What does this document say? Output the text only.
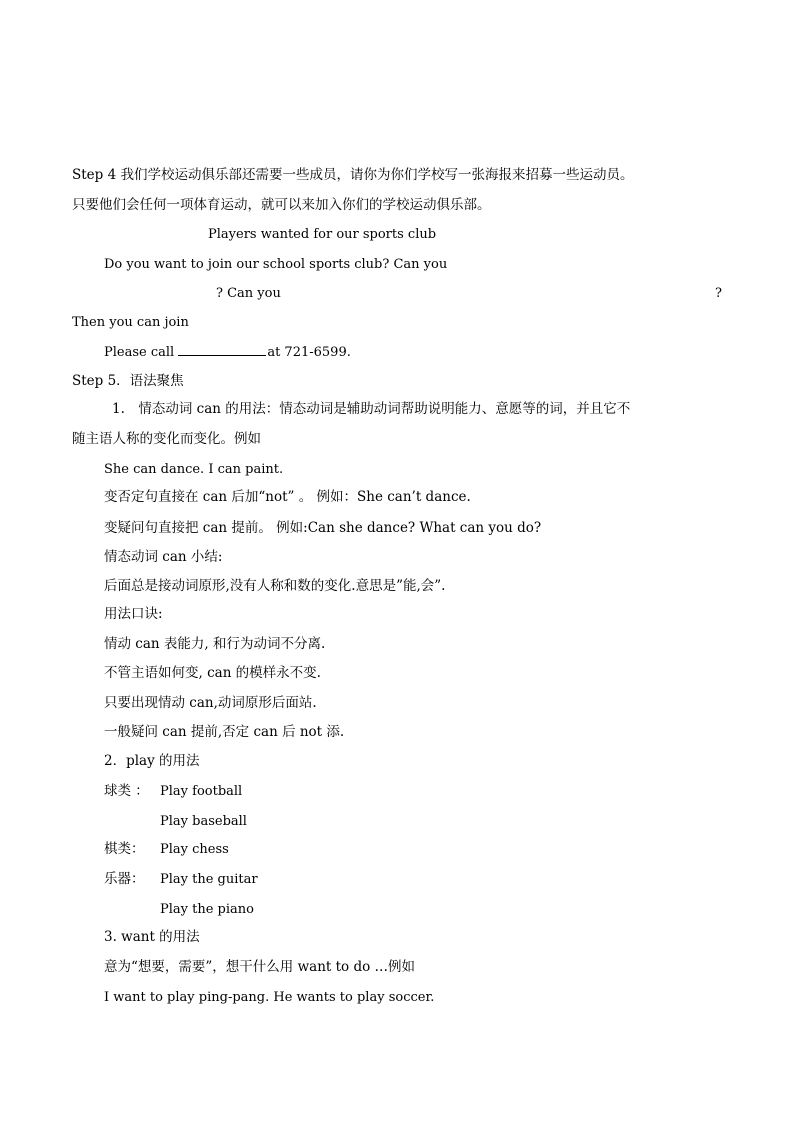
Step 4 我们学校运动俱乐部还需要一些成员，请你为你们学校写一张海报来招募一些运动员。
只要他们会任何一项体育运动，就可以来加入你们的学校运动俱乐部。
Players wanted for our sports club
Do you want to join our school sports club? Can you
? Can you	?
Then you can join
Please call	at 721-6599.
Step 5．语法聚焦
1.　情态动词 can 的用法：情态动词是辅助动词帮助说明能力、意愿等的词，并且它不
随主语人称的变化而变化。例如
She can dance. I can paint.
变否定句直接在 can 后加“not” 。 例如：She can’t dance.
变疑问句直接把 can 提前。 例如:Can she dance? What can you do?
情态动词 can 小结:
后面总是接动词原形,没有人称和数的变化.意思是”能,会”.
用法口诀:
情动 can 表能力, 和行为动词不分离.
不管主语如何变, can 的模样永不变.
只要出现情动 can,动词原形后面站.
一般疑问 can 提前,否定 can 后 not 添.
2．play 的用法
球类 ： Play football
Play baseball
棋类： Play chess
乐器： Play the guitar
Play the piano
3. want 的用法
意为“想要，需要”，想干什么用 want to do …例如
I want to play ping-pang. He wants to play soccer.
